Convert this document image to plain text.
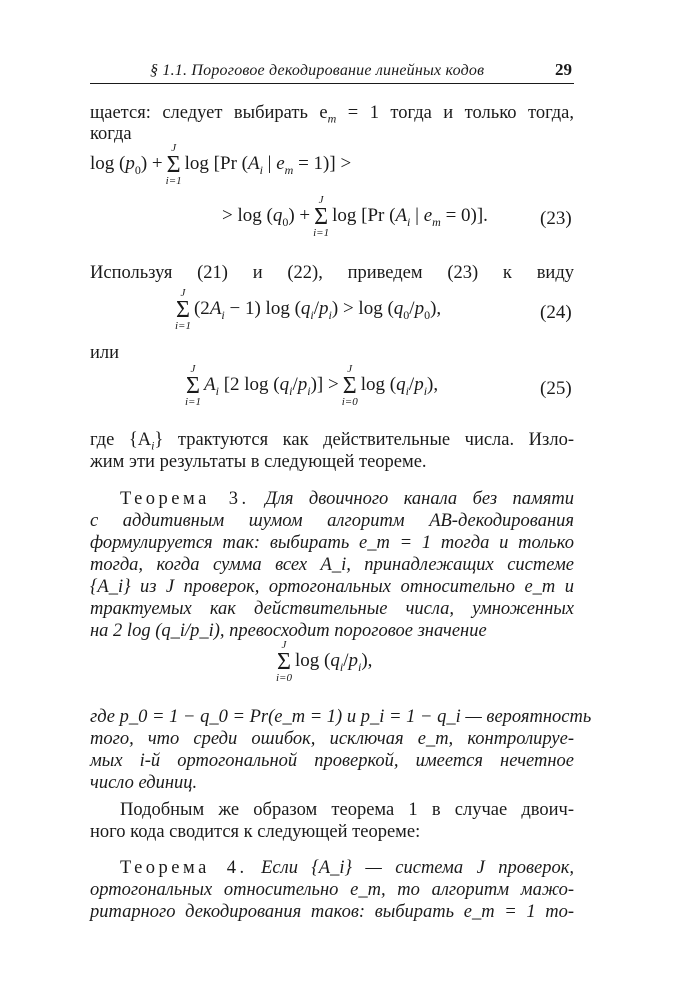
§ 1.1. Пороговое декодирование линейных кодов	29
щается: следует выбирать $e_m = 1$ тогда и только тогда,
когда
$\log (p_0)$ +
J
Σ
i=1
log [Pr ($A_i$ | $e_m = 1$)] >
> $\log (q_0)$ +
J
Σ
i=1
log [Pr ($A_i$ | $e_m = 0$)].	(23)
Используя (21) и (22), приведем (23) к виду
J
Σ
i=1
$(2A_i - 1)$ $\log (q_i/p_i) > \log (q_0/p_0)$,	(24)
или
J
Σ
i=1
$A_i$ [2 $\log (q_i/p_i)$] >
J
Σ
i=0
$\log (q_i/p_i)$,	(25)
где $\{A_i\}$ трактуются как действительные числа. Изло-
жим эти результаты в следующей теореме.
Теорема 3. Для двоичного канала без памяти
с аддитивным шумом алгоритм АВ-декодирования
формулируется так: выбирать e_m = 1 тогда и только
тогда, когда сумма всех A_i, принадлежащих системе
{A_i} из J проверок, ортогональных относительно e_m и
трактуемых как действительные числа, умноженных
на 2 log (q_i/p_i), превосходит пороговое значение
J
Σ
i=0
$\log (q_i/p_i)$,
где p_0 = 1 − q_0 = Pr(e_m = 1) и p_i = 1 − q_i — вероятность
того, что среди ошибок, исключая e_m, контролируе-
мых i-й ортогональной проверкой, имеется нечетное
число единиц.
Подобным же образом теорема 1 в случае двоич-
ного кода сводится к следующей теореме:
Теорема 4. Если {A_i} — система J проверок,
ортогональных относительно e_m, то алгоритм мажо-
ритарного декодирования таков: выбирать e_m = 1 то-
